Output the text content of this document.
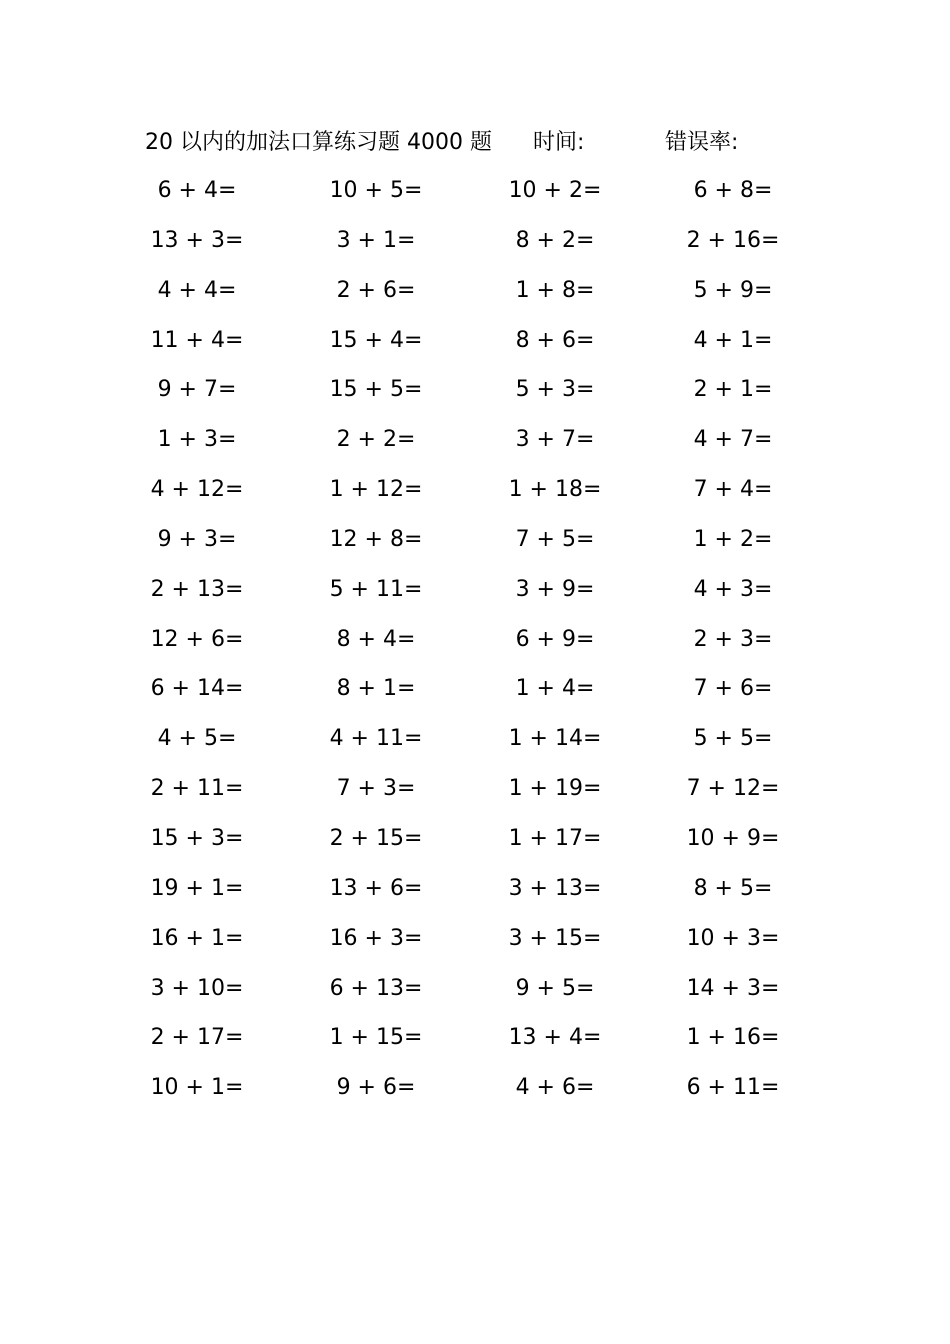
20 以内的加法口算练习题 4000 题 时间:	错误率:
6 + 4=	10 + 5=	10 + 2=	6 + 8=
13 + 3=	3 + 1=	8 + 2=	2 + 16=
4 + 4=	2 + 6=	1 + 8=	5 + 9=
11 + 4=	15 + 4=	8 + 6=	4 + 1=
9 + 7=	15 + 5=	5 + 3=	2 + 1=
1 + 3=	2 + 2=	3 + 7=	4 + 7=
4 + 12=	1 + 12=	1 + 18=	7 + 4=
9 + 3=	12 + 8=	7 + 5=	1 + 2=
2 + 13=	5 + 11=	3 + 9=	4 + 3=
12 + 6=	8 + 4=	6 + 9=	2 + 3=
6 + 14=	8 + 1=	1 + 4=	7 + 6=
4 + 5=	4 + 11=	1 + 14=	5 + 5=
2 + 11=	7 + 3=	1 + 19=	7 + 12=
15 + 3=	2 + 15=	1 + 17=	10 + 9=
19 + 1=	13 + 6=	3 + 13=	8 + 5=
16 + 1=	16 + 3=	3 + 15=	10 + 3=
3 + 10=	6 + 13=	9 + 5=	14 + 3=
2 + 17=	1 + 15=	13 + 4=	1 + 16=
10 + 1=	9 + 6=	4 + 6=	6 + 11=
